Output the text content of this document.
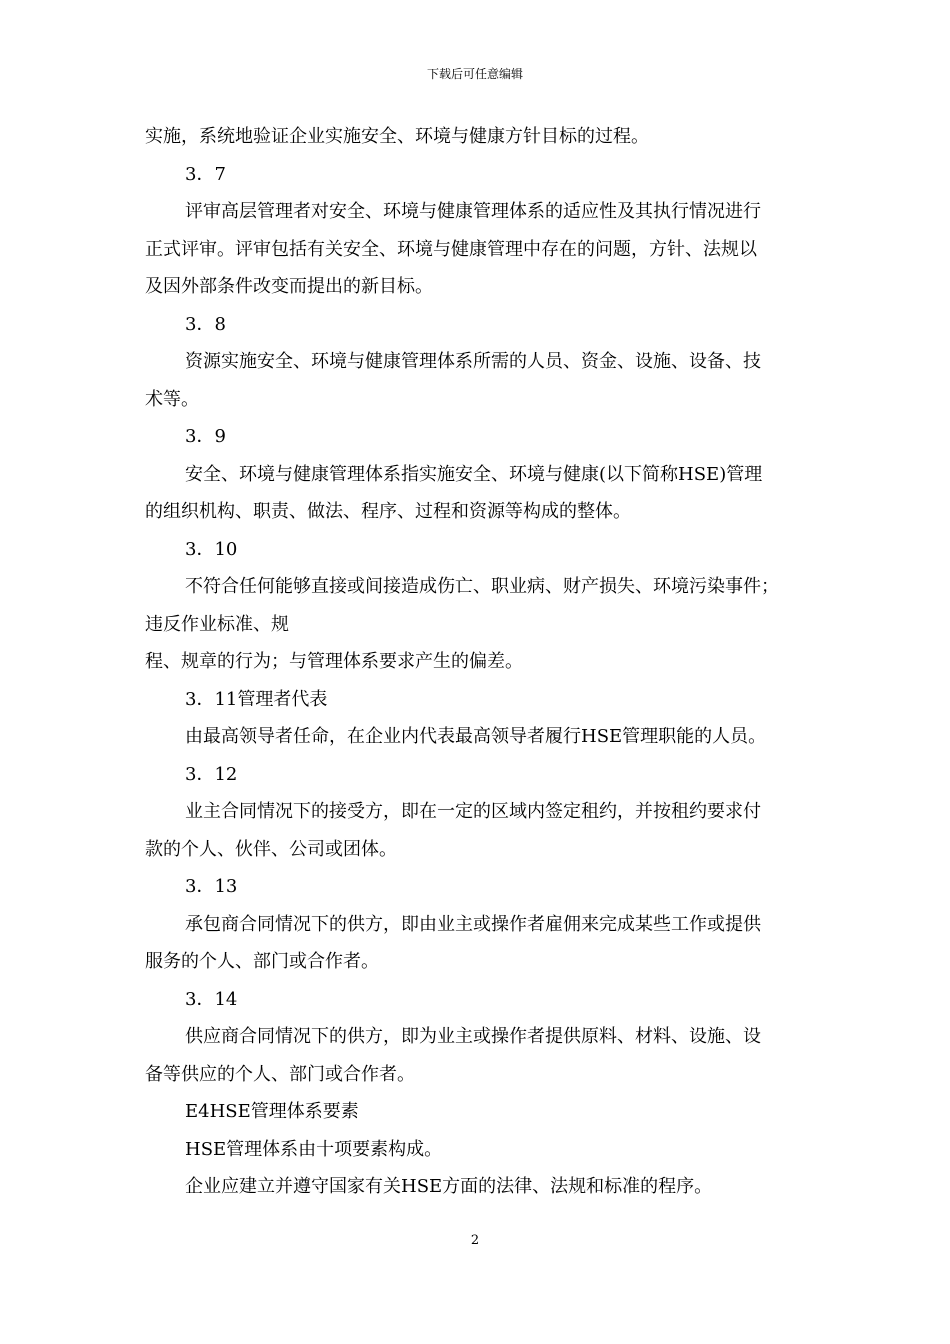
下载后可任意编辑
实施，系统地验证企业实施安全、环境与健康方针目标的过程。
3．7
评审高层管理者对安全、环境与健康管理体系的适应性及其执行情况进行
正式评审。评审包括有关安全、环境与健康管理中存在的问题，方针、法规以
及因外部条件改变而提出的新目标。
3．8
资源实施安全、环境与健康管理体系所需的人员、资金、设施、设备、技
术等。
3．9
安全、环境与健康管理体系指实施安全、环境与健康(以下简称HSE)管理
的组织机构、职责、做法、程序、过程和资源等构成的整体。
3．10
不符合任何能够直接或间接造成伤亡、职业病、财产损失、环境污染事件；
违反作业标准、规
程、规章的行为；与管理体系要求产生的偏差。
3．11管理者代表
由最高领导者任命，在企业内代表最高领导者履行HSE管理职能的人员。
3．12
业主合同情况下的接受方，即在一定的区域内签定租约，并按租约要求付
款的个人、伙伴、公司或团体。
3．13
承包商合同情况下的供方，即由业主或操作者雇佣来完成某些工作或提供
服务的个人、部门或合作者。
3．14
供应商合同情况下的供方，即为业主或操作者提供原料、材料、设施、设
备等供应的个人、部门或合作者。
E4HSE管理体系要素
HSE管理体系由十项要素构成。
企业应建立并遵守国家有关HSE方面的法律、法规和标准的程序。
2
